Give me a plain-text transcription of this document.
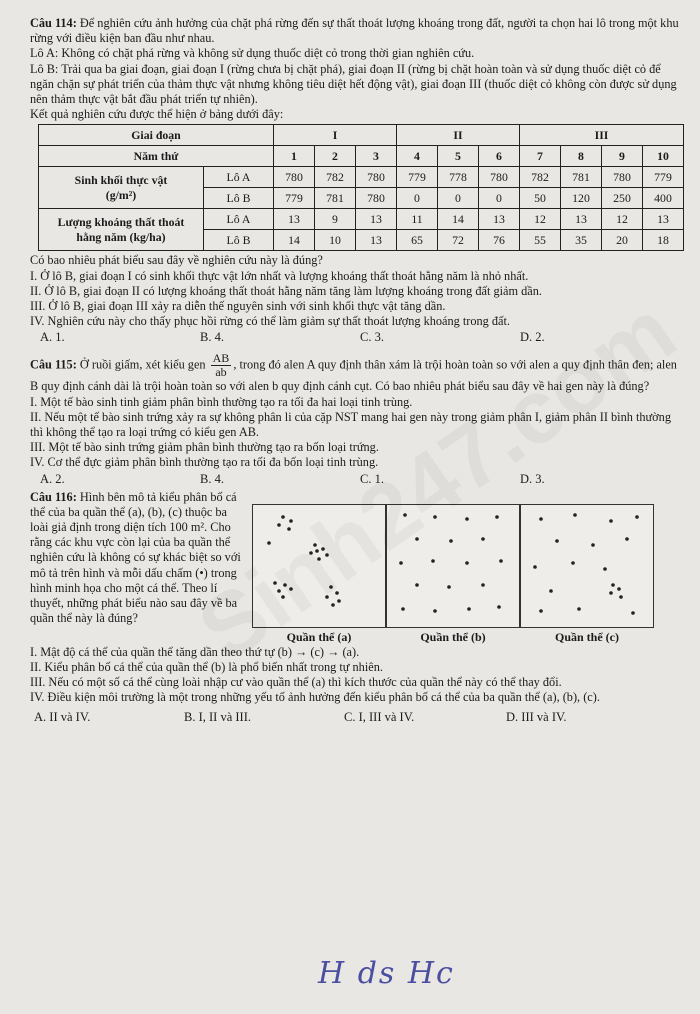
Câu 114: Để nghiên cứu ảnh hưởng của chặt phá rừng đến sự thất thoát lượng khoáng trong đất, người ta chọn hai lô trong một khu rừng với điều kiện ban đầu như nhau.

Lô A: Không có chặt phá rừng và không sử dụng thuốc diệt cỏ trong thời gian nghiên cứu.

Lô B: Trải qua ba giai đoạn, giai đoạn I (rừng chưa bị chặt phá), giai đoạn II (rừng bị chặt hoàn toàn và sử dụng thuốc diệt cỏ để ngăn chặn sự phát triển của thảm thực vật nhưng không tiêu diệt hết động vật), giai đoạn III (thuốc diệt cỏ không còn được sử dụng nên thảm thực vật bắt đầu phát triển tự nhiên).

Kết quả nghiên cứu được thể hiện ở bảng dưới đây:

Giai đoạn		I			II			III			
Năm thứ		1	2	3	4	5	6	7	8	9	10
Sinh khối thực vật
(g/m²)	Lô A	780	782	780	779	778	780	782	781	780	779
	Lô B	779	781	780	0	0	0	50	120	250	400
Lượng khoáng thất thoát
hằng năm (kg/ha)	Lô A	13	9	13	11	14	13	12	13	12	13
	Lô B	14	10	13	65	72	76	55	35	20	18

Có bao nhiêu phát biểu sau đây về nghiên cứu này là đúng?

I. Ở lô B, giai đoạn I có sinh khối thực vật lớn nhất và lượng khoáng thất thoát hằng năm là nhỏ nhất.

II. Ở lô B, giai đoạn II có lượng khoáng thất thoát hằng năm tăng làm lượng khoáng trong đất giảm dần.

III. Ở lô B, giai đoạn III xảy ra diễn thế nguyên sinh với sinh khối thực vật tăng dần.

IV. Nghiên cứu này cho thấy phục hồi rừng có thể làm giảm sự thất thoát lượng khoáng trong đất.

A. 1.	B. 4.	C. 3.	D. 2.

Câu 115: Ở ruồi giấm, xét kiểu gen $\frac{AB}{ab}$ , trong đó alen A quy định thân xám là trội hoàn toàn so với alen a quy định thân đen; alen B quy định cánh dài là trội hoàn toàn so với alen b quy định cánh cụt. Có bao nhiêu phát biểu sau đây về hai gen này là đúng?

I. Một tế bào sinh tinh giảm phân bình thường tạo ra tối đa hai loại tinh trùng.

II. Nếu một tế bào sinh trứng xảy ra sự không phân li của cặp NST mang hai gen này trong giảm phân I, giảm phân II bình thường thì không thể tạo ra loại trứng có kiểu gen AB.

III. Một tế bào sinh trứng giảm phân bình thường tạo ra bốn loại trứng.

IV. Cơ thể đực giảm phân bình thường tạo ra tối đa bốn loại tinh trùng.

A. 2.	B. 4.	C. 1.	D. 3.

Câu 116: Hình bên mô tả kiểu phân bố cá thể của ba quần thể (a), (b), (c) thuộc ba loài giả định trong diện tích 100 m². Cho rằng các khu vực còn lại của ba quần thể nghiên cứu là không có sự khác biệt so với mô tả trên hình và mỗi dấu chấm (•) trong hình minh họa cho một cá thể. Theo lí thuyết, những phát biểu nào sau đây về ba quần thể này là đúng?

Quần thể (a)	Quần thể (b)	Quần thể (c)

I. Mật độ cá thể của quần thể tăng dần theo thứ tự (b) → (c) → (a).

II. Kiểu phân bố cá thể của quần thể (b) là phổ biến nhất trong tự nhiên.

III. Nếu có một số cá thể cùng loài nhập cư vào quần thể (a) thì kích thước của quần thể này có thể thay đổi.

IV. Điều kiện môi trường là một trong những yếu tố ảnh hưởng đến kiểu phân bố cá thể của ba quần thể (a), (b), (c).

A. II và IV.	B. I, II và III.	C. I, III và IV.	D. III và IV.
H ds Hc
